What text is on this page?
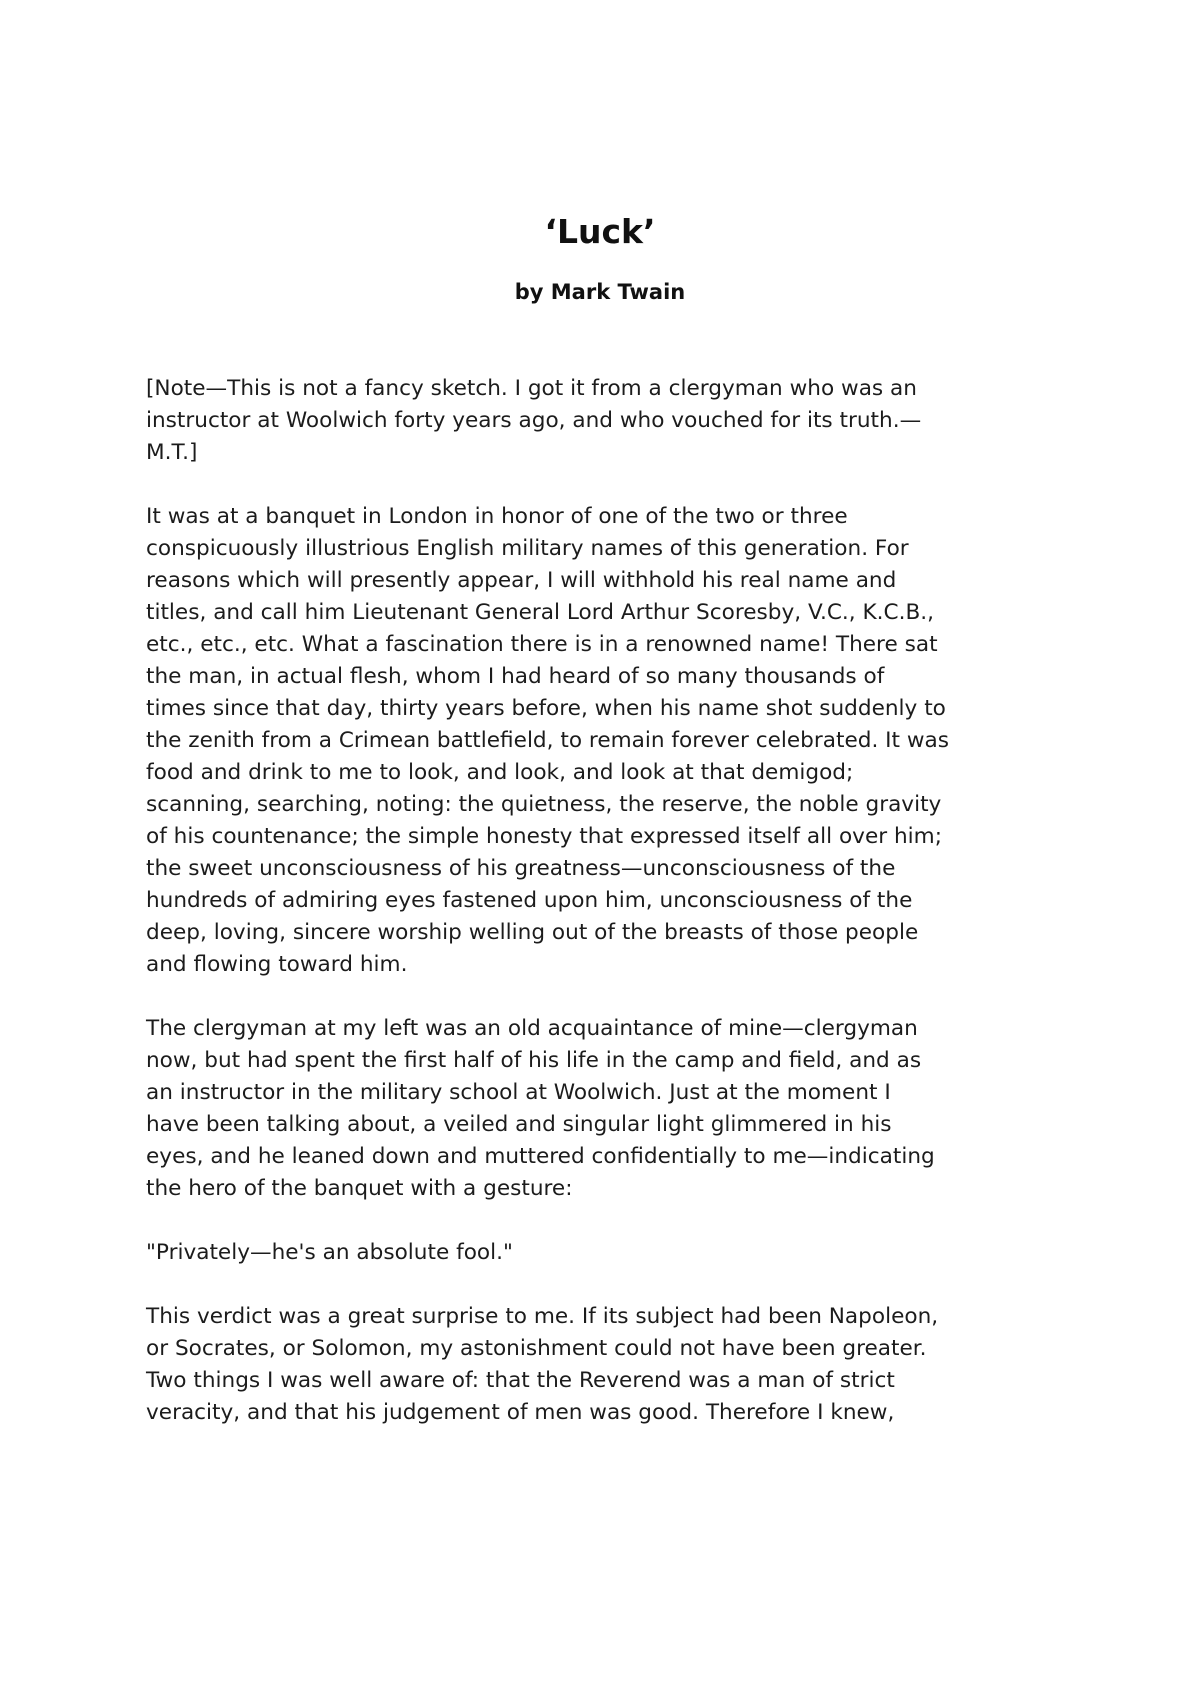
‘Luck’
by Mark Twain

[Note—This is not a fancy sketch. I got it from a clergyman who was an
instructor at Woolwich forty years ago, and who vouched for its truth.—
M.T.]

It was at a banquet in London in honor of one of the two or three
conspicuously illustrious English military names of this generation. For
reasons which will presently appear, I will withhold his real name and
titles, and call him Lieutenant General Lord Arthur Scoresby, V.C., K.C.B.,
etc., etc., etc. What a fascination there is in a renowned name! There sat
the man, in actual flesh, whom I had heard of so many thousands of
times since that day, thirty years before, when his name shot suddenly to
the zenith from a Crimean battlefield, to remain forever celebrated. It was
food and drink to me to look, and look, and look at that demigod;
scanning, searching, noting: the quietness, the reserve, the noble gravity
of his countenance; the simple honesty that expressed itself all over him;
the sweet unconsciousness of his greatness—unconsciousness of the
hundreds of admiring eyes fastened upon him, unconsciousness of the
deep, loving, sincere worship welling out of the breasts of those people
and flowing toward him.

The clergyman at my left was an old acquaintance of mine—clergyman
now, but had spent the first half of his life in the camp and field, and as
an instructor in the military school at Woolwich. Just at the moment I
have been talking about, a veiled and singular light glimmered in his
eyes, and he leaned down and muttered confidentially to me—indicating
the hero of the banquet with a gesture:

"Privately—he's an absolute fool."

This verdict was a great surprise to me. If its subject had been Napoleon,
or Socrates, or Solomon, my astonishment could not have been greater.
Two things I was well aware of: that the Reverend was a man of strict
veracity, and that his judgement of men was good. Therefore I knew,
